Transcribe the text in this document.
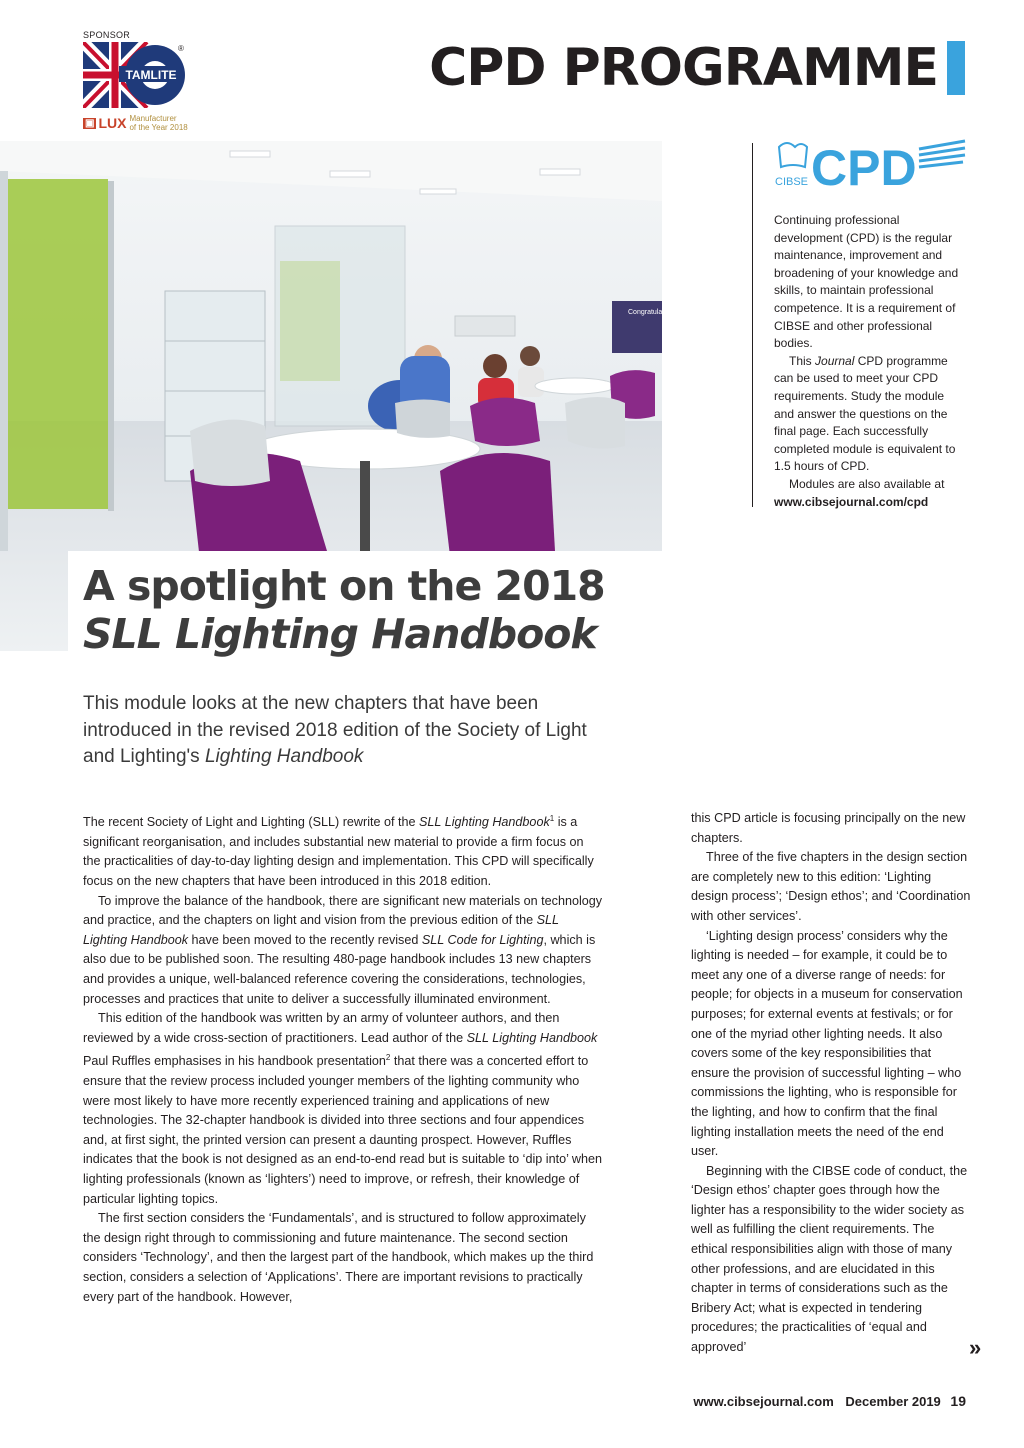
SPONSOR
TAMLITE
®
▣ LUX Manufacturer
of the Year 2018
CPD PROGRAMME
Congratula
A spotlight on the 2018 SLL Lighting Handbook
CIBSE CPD

Continuing professional development (CPD) is the regular maintenance, improvement and broadening of your knowledge and skills, to maintain professional competence. It is a requirement of CIBSE and other professional bodies.

This Journal CPD programme can be used to meet your CPD requirements. Study the module and answer the questions on the final page. Each successfully completed module is equivalent to 1.5 hours of CPD.

Modules are also available at

www.cibsejournal.com/cpd

This module looks at the new chapters that have been introduced in the revised 2018 edition of the Society of Light and Lighting's Lighting Handbook

The recent Society of Light and Lighting (SLL) rewrite of the SLL Lighting Handbook$^1$ is a significant reorganisation, and includes substantial new material to provide a firm focus on the practicalities of day-to-day lighting design and implementation. This CPD will specifically focus on the new chapters that have been introduced in this 2018 edition.

To improve the balance of the handbook, there are significant new materials on technology and practice, and the chapters on light and vision from the previous edition of the SLL Lighting Handbook have been moved to the recently revised SLL Code for Lighting, which is also due to be published soon. The resulting 480-page handbook includes 13 new chapters and provides a unique, well-balanced reference covering the considerations, technologies, processes and practices that unite to deliver a successfully illuminated environment.

This edition of the handbook was written by an army of volunteer authors, and then reviewed by a wide cross-section of practitioners. Lead author of the SLL Lighting Handbook Paul Ruffles emphasises in his handbook presentation$^2$ that there was a concerted effort to ensure that the review process included younger members of the lighting community who were most likely to have more recently experienced training and applications of new technologies. The 32-chapter handbook is divided into three sections and four appendices and, at first sight, the printed version can present a daunting prospect. However, Ruffles indicates that the book is not designed as an end-to-end read but is suitable to ‘dip into’ when lighting professionals (known as ‘lighters’) need to improve, or refresh, their knowledge of particular lighting topics.

The first section considers the ‘Fundamentals’, and is structured to follow approximately the design right through to commissioning and future maintenance. The second section considers ‘Technology’, and then the largest part of the handbook, which makes up the third section, considers a selection of ‘Applications’. There are important revisions to practically every part of the handbook. However,

this CPD article is focusing principally on the new chapters.

Three of the five chapters in the design section are completely new to this edition: ‘Lighting design process’; ‘Design ethos’; and ‘Coordination with other services’.

‘Lighting design process’ considers why the lighting is needed – for example, it could be to meet any one of a diverse range of needs: for people; for objects in a museum for conservation purposes; for external events at festivals; or for one of the myriad other lighting needs. It also covers some of the key responsibilities that ensure the provision of successful lighting – who commissions the lighting, who is responsible for the lighting, and how to confirm that the final lighting installation meets the need of the end user.

Beginning with the CIBSE code of conduct, the ‘Design ethos’ chapter goes through how the lighter has a responsibility to the wider society as well as fulfilling the client requirements. The ethical responsibilities align with those of many other professions, and are elucidated in this chapter in terms of considerations such as the Bribery Act; what is expected in tendering procedures; the practicalities of ‘equal and approved’	»
www.cibsejournal.com December 2019 19
